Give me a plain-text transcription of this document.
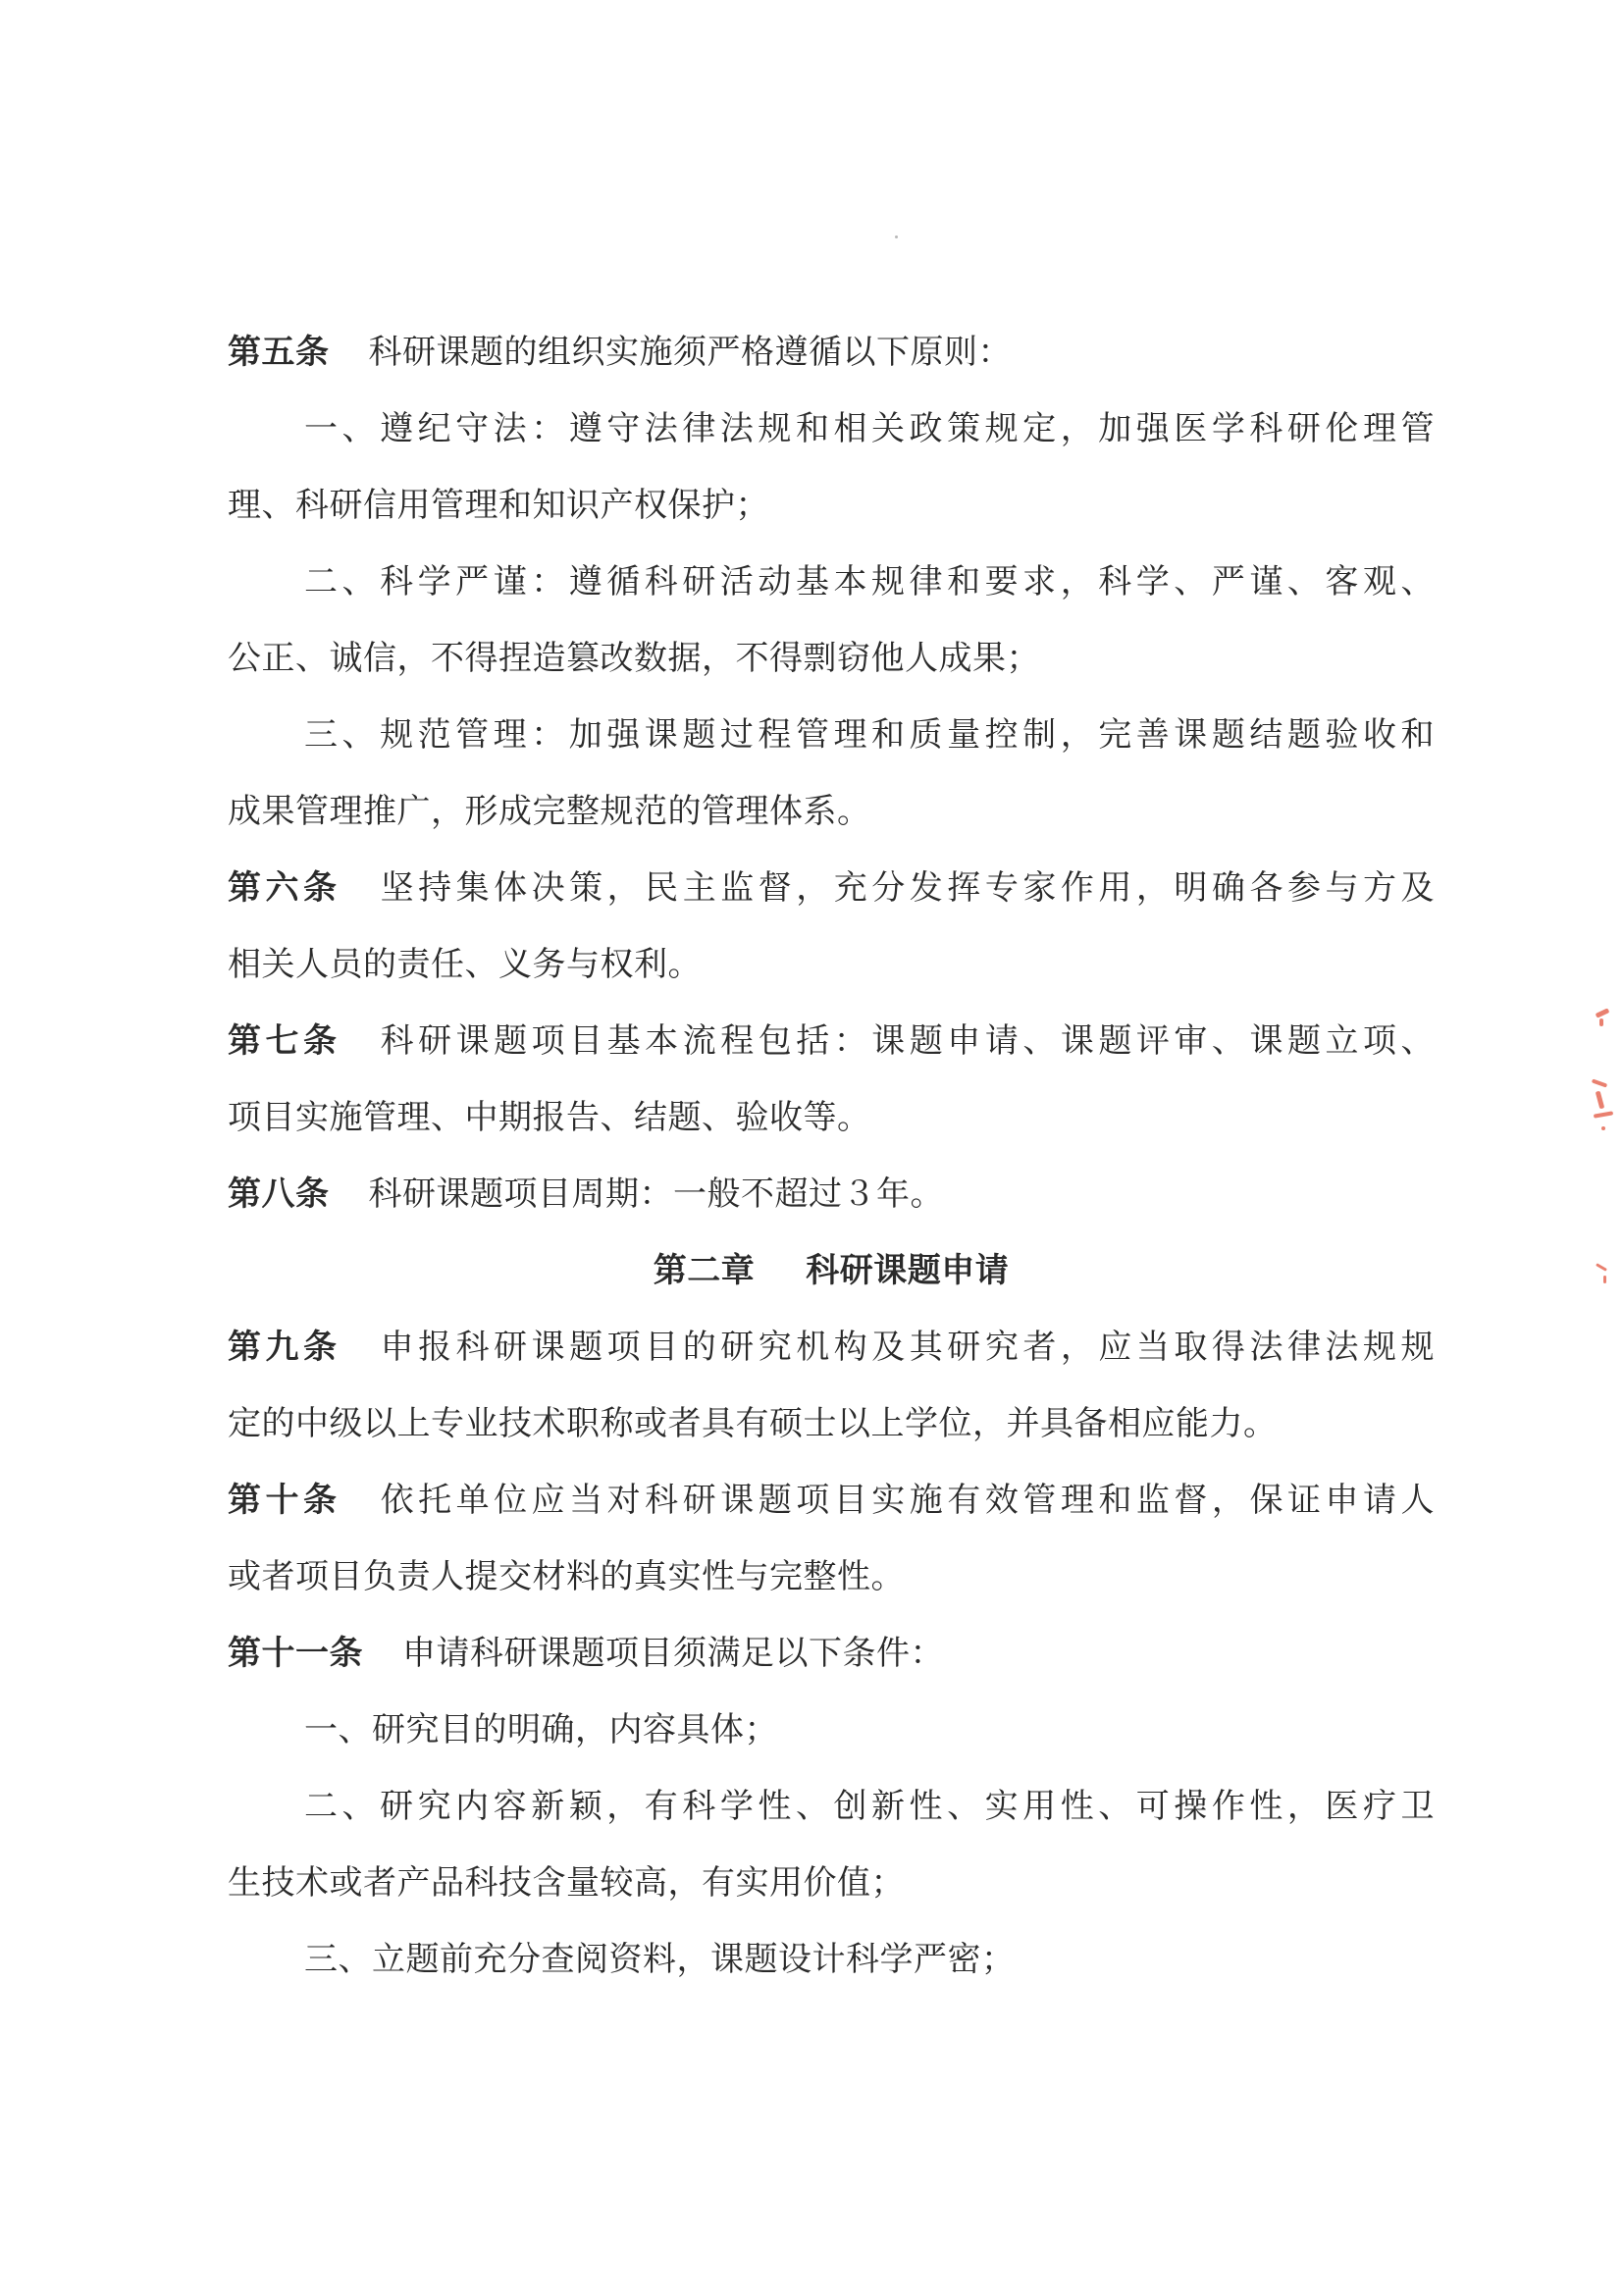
第五条 科研课题的组织实施须严格遵循以下原则：
一、遵纪守法：遵守法律法规和相关政策规定，加强医学科研伦理管
理、科研信用管理和知识产权保护；
二、科学严谨：遵循科研活动基本规律和要求，科学、严谨、客观、
公正、诚信，不得捏造篡改数据，不得剽窃他人成果；
三、规范管理：加强课题过程管理和质量控制，完善课题结题验收和
成果管理推广，形成完整规范的管理体系。
第六条 坚持集体决策，民主监督，充分发挥专家作用，明确各参与方及
相关人员的责任、义务与权利。
第七条 科研课题项目基本流程包括：课题申请、课题评审、课题立项、
项目实施管理、中期报告、结题、验收等。
第八条 科研课题项目周期：一般不超过３年。
第二章 科研课题申请
第九条 申报科研课题项目的研究机构及其研究者，应当取得法律法规规
定的中级以上专业技术职称或者具有硕士以上学位，并具备相应能力。
第十条 依托单位应当对科研课题项目实施有效管理和监督，保证申请人
或者项目负责人提交材料的真实性与完整性。
第十一条 申请科研课题项目须满足以下条件：
一、研究目的明确，内容具体；
二、研究内容新颖，有科学性、创新性、实用性、可操作性，医疗卫
生技术或者产品科技含量较高，有实用价值；
三、立题前充分查阅资料，课题设计科学严密；
